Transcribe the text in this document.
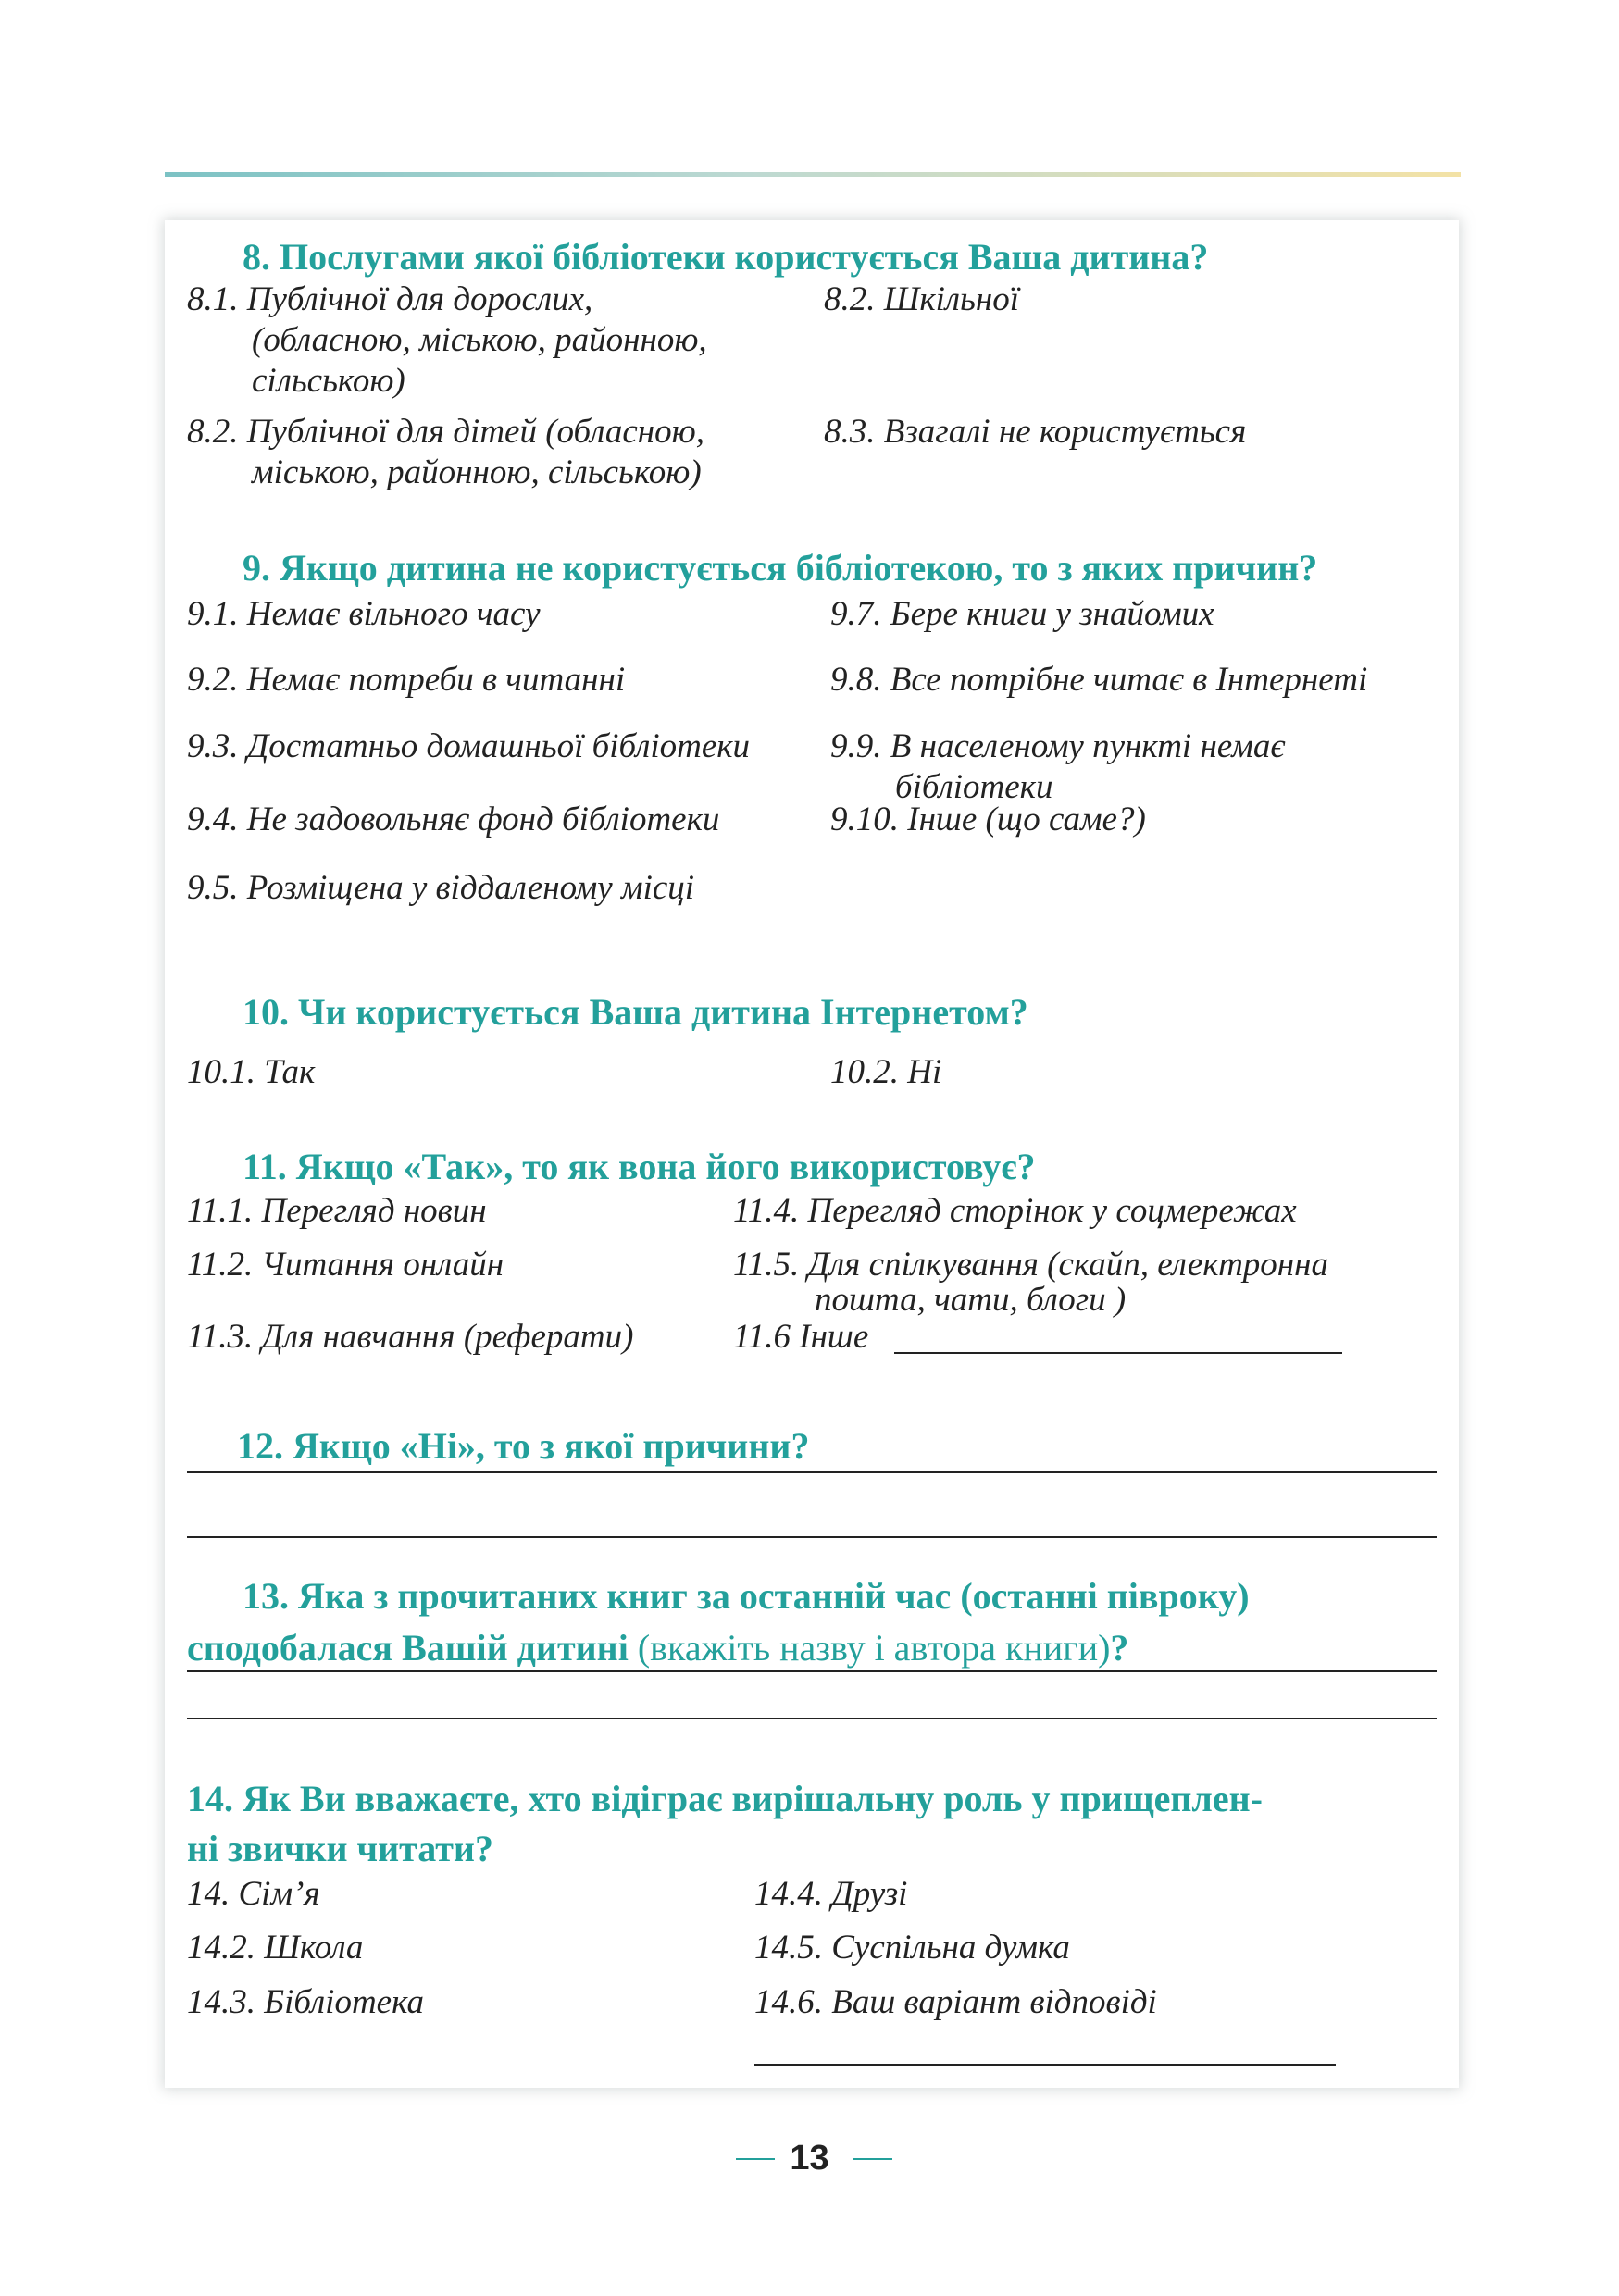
8. Послугами якої бібліотеки користується Ваша дитина?
8.1. Публічної для дорослих,
(обласною, міською, районною,
сільською)
8.2. Шкільної
8.2. Публічної для дітей (обласною,
міською, районною, сільською)
8.3. Взагалі не користується
9. Якщо дитина не користується бібліотекою, то з яких причин?
9.1. Немає вільного часу
9.2. Немає потреби в читанні
9.3. Достатньо домашньої бібліотеки
9.4. Не задовольняє фонд бібліотеки
9.5. Розміщена у віддаленому місці
9.7. Бере книги у знайомих
9.8. Все потрібне читає в Інтернеті
9.9. В населеному пункті немає
бібліотеки
9.10. Інше (що саме?)
10. Чи користується Ваша дитина Інтернетом?
10.1. Так	10.2. Ні
11. Якщо «Так», то як вона його використовує?
11.1. Перегляд новин
11.2. Читання онлайн
11.3. Для навчання (реферати)
11.4. Перегляд сторінок у соцмережах
11.5. Для спілкування (скайп, електронна
пошта, чати, блоги )
11.6 Інше
12. Якщо «Ні», то з якої причини?
13. Яка з прочитаних книг за останній час (останні півроку)
сподобалася Вашій дитині (вкажіть назву і автора книги)?
14. Як Ви вважаєте, хто відіграє вирішальну роль у прищеплен-
ні звички читати?
14. Сім’я
14.2. Школа
14.3. Бібліотека
14.4. Друзі
14.5. Суспільна думка
14.6. Ваш варіант відповіді
13
